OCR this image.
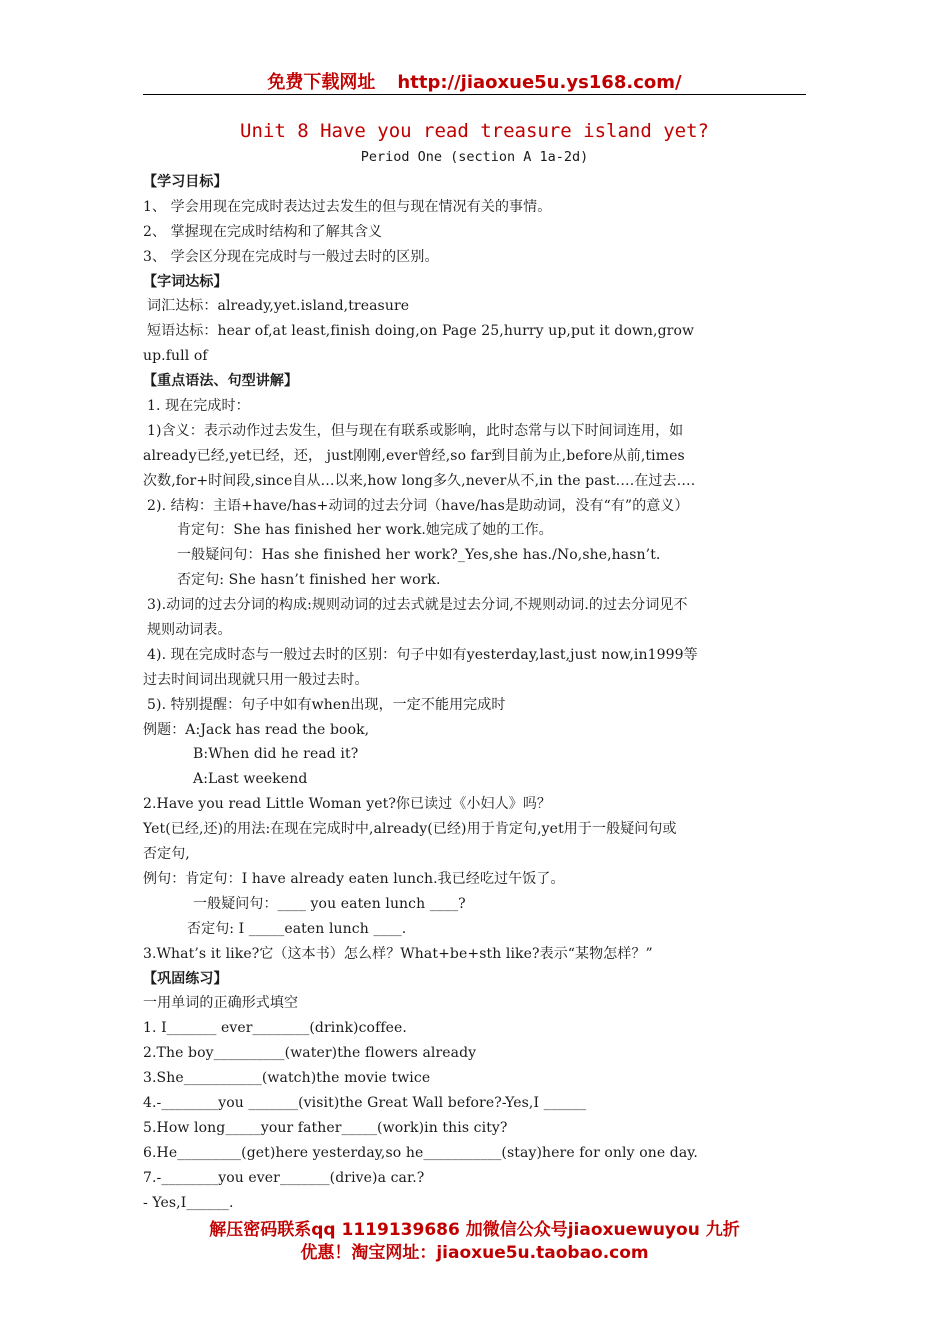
免费下载网址 http://jiaoxue5u.ys168.com/
Unit 8 Have you read treasure island yet?
Period One (section A 1a-2d)
【学习目标】
1、 学会用现在完成时表达过去发生的但与现在情况有关的事情。
2、 掌握现在完成时结构和了解其含义
3、 学会区分现在完成时与一般过去时的区别。
【字词达标】
词汇达标：already,yet.island,treasure
短语达标：hear of,at least,finish doing,on Page 25,hurry up,put it down,grow
up.full of
【重点语法、句型讲解】
1. 现在完成时：
1)含义：表示动作过去发生，但与现在有联系或影响，此时态常与以下时间词连用，如
already已经,yet已经，还， just刚刚,ever曾经,so far到目前为止,before从前,times
次数,for+时间段,since自从…以来,how long多久,never从不,in the past….在过去….
2). 结构：主语+have/has+动词的过去分词（have/has是助动词，没有“有”的意义）
肯定句：She has finished her work.她完成了她的工作。
一般疑问句：Has she finished her work?_Yes,she has./No,she,hasn’t.
否定句: She hasn’t finished her work.
3).动词的过去分词的构成:规则动词的过去式就是过去分词,不规则动词.的过去分词见不
规则动词表。
4). 现在完成时态与一般过去时的区别：句子中如有yesterday,last,just now,in1999等
过去时间词出现就只用一般过去时。
5). 特别提醒：句子中如有when出现，一定不能用完成时
例题：A:Jack has read the book,
B:When did he read it?
A:Last weekend
2.Have you read Little Woman yet?你已读过《小妇人》吗？
Yet(已经,还)的用法:在现在完成时中,already(已经)用于肯定句,yet用于一般疑问句或
否定句,
例句：肯定句：I have already eaten lunch.我已经吃过午饭了。
一般疑问句：____ you eaten lunch ____?
否定句: I _____eaten lunch ____.
3.What’s it like?它（这本书）怎么样？What+be+sth like?表示“某物怎样？”
【巩固练习】
一用单词的正确形式填空
1. I_______ ever________(drink)coffee.
2.The boy__________(water)the flowers already
3.She___________(watch)the movie twice
4.-________you _______(visit)the Great Wall before?-Yes,I ______
5.How long_____your father_____(work)in this city?
6.He_________(get)here yesterday,so he___________(stay)here for only one day.
7.-________you ever_______(drive)a car.?
- Yes,I______.
解压密码联系qq 1119139686 加微信公众号jiaoxuewuyou 九折
优惠！淘宝网址：jiaoxue5u.taobao.com
